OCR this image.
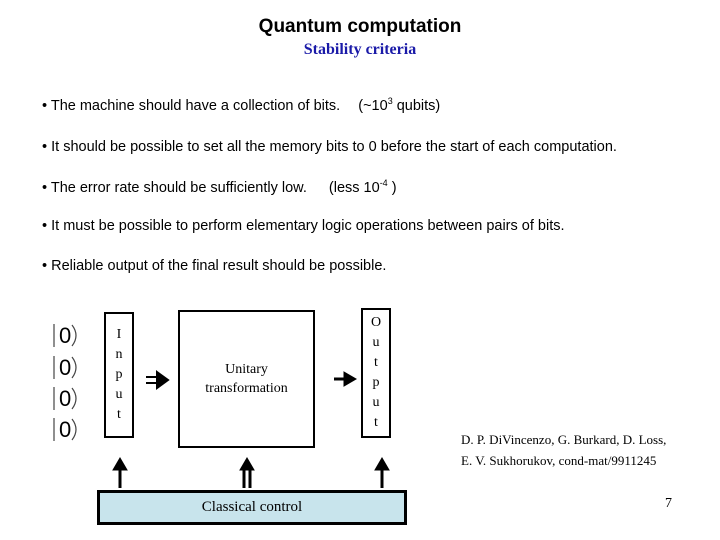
Quantum computation
Stability criteria
• The machine should have a collection of bits. ($\sim 10^3$ qubits)
• It should be possible to set all the memory bits to 0 before the start of each computation.
• The error rate should be sufficiently low. (less $10^{-4}$ )
• It must be possible to perform elementary logic operations between pairs of bits.
• Reliable output of the final result should be possible.
0
0
0
0
I
n
p
u
t
Unitary
transformation
O
u
t
p
u
t
Classical control
D. P. DiVincenzo, G. Burkard, D. Loss,
E. V. Sukhorukov, cond-mat/9911245
7
